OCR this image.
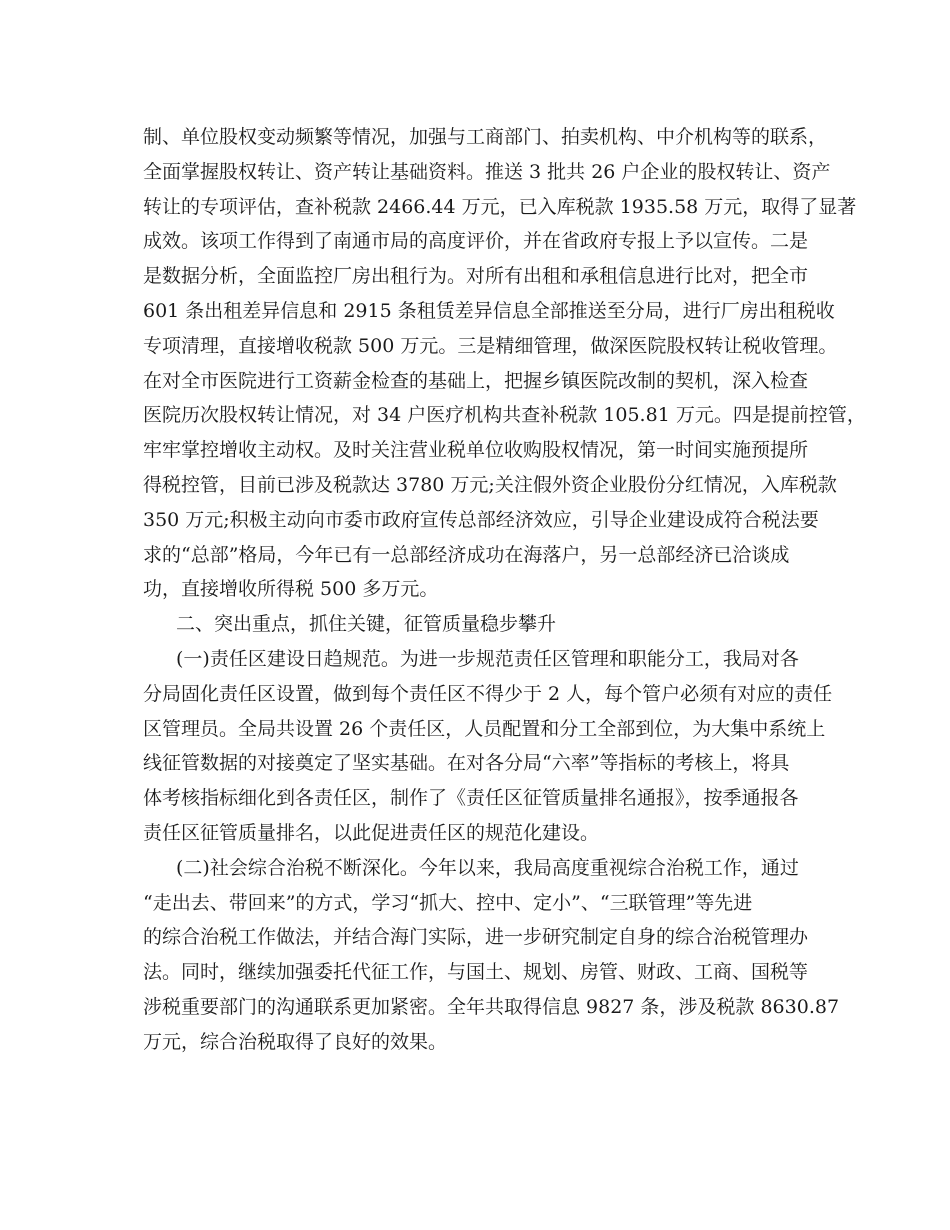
制、单位股权变动频繁等情况，加强与工商部门、拍卖机构、中介机构等的联系，
全面掌握股权转让、资产转让基础资料。推送 3 批共 26 户企业的股权转让、资产
转让的专项评估，查补税款 2466.44 万元，已入库税款 1935.58 万元，取得了显著
成效。该项工作得到了南通市局的高度评价，并在省政府专报上予以宣传。二是
是数据分析，全面监控厂房出租行为。对所有出租和承租信息进行比对，把全市
601 条出租差异信息和 2915 条租赁差异信息全部推送至分局，进行厂房出租税收
专项清理，直接增收税款 500 万元。三是精细管理，做深医院股权转让税收管理。
在对全市医院进行工资薪金检查的基础上，把握乡镇医院改制的契机，深入检查
医院历次股权转让情况，对 34 户医疗机构共查补税款 105.81 万元。四是提前控管，
牢牢掌控增收主动权。及时关注营业税单位收购股权情况，第一时间实施预提所
得税控管，目前已涉及税款达 3780 万元;关注假外资企业股份分红情况，入库税款
350 万元;积极主动向市委市政府宣传总部经济效应，引导企业建设成符合税法要
求的“总部”格局，今年已有一总部经济成功在海落户，另一总部经济已洽谈成
功，直接增收所得税 500 多万元。
二、突出重点，抓住关键，征管质量稳步攀升
(一)责任区建设日趋规范。为进一步规范责任区管理和职能分工，我局对各
分局固化责任区设置，做到每个责任区不得少于 2 人，每个管户必须有对应的责任
区管理员。全局共设置 26 个责任区，人员配置和分工全部到位，为大集中系统上
线征管数据的对接奠定了坚实基础。在对各分局“六率”等指标的考核上，将具
体考核指标细化到各责任区，制作了《责任区征管质量排名通报》，按季通报各
责任区征管质量排名，以此促进责任区的规范化建设。
(二)社会综合治税不断深化。今年以来，我局高度重视综合治税工作，通过
“走出去、带回来”的方式，学习“抓大、控中、定小”、“三联管理”等先进
的综合治税工作做法，并结合海门实际，进一步研究制定自身的综合治税管理办
法。同时，继续加强委托代征工作，与国土、规划、房管、财政、工商、国税等
涉税重要部门的沟通联系更加紧密。全年共取得信息 9827 条，涉及税款 8630.87
万元，综合治税取得了良好的效果。
